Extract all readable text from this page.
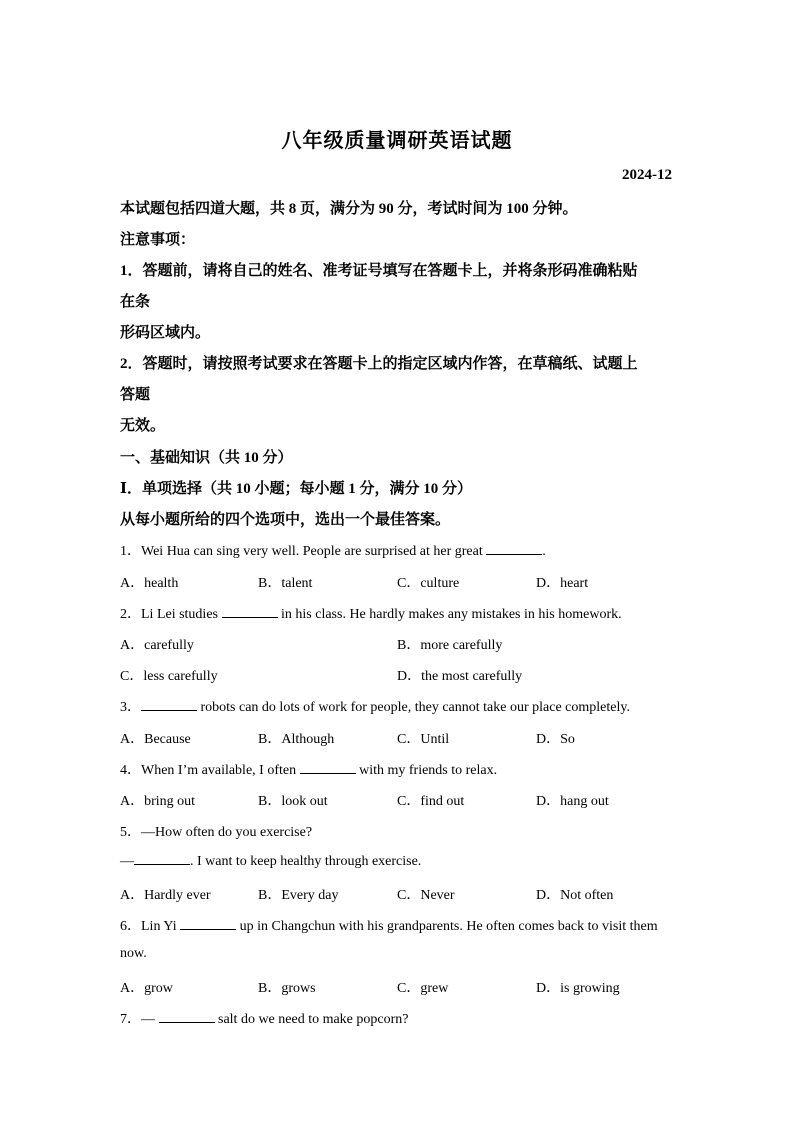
八年级质量调研英语试题
2024-12
本试题包括四道大题，共 8 页，满分为 90 分，考试时间为 100 分钟。
注意事项：
1．答题前，请将自己的姓名、准考证号填写在答题卡上，并将条形码准确粘贴
在条
形码区域内。
2．答题时，请按照考试要求在答题卡上的指定区域内作答，在草稿纸、试题上
答题
无效。
一、基础知识（共 10 分）
Ⅰ．单项选择（共 10 小题；每小题 1 分，满分 10 分）
从每小题所给的四个选项中，选出一个最佳答案。
1．Wei Hua can sing very well. People are surprised at her great	.
A．health	B．talent	C．culture	D．heart
2．Li Lei studies	in his class. He hardly makes any mistakes in his homework.
A．carefully	B．more carefully
C．less carefully	D．the most carefully
3．	robots can do lots of work for people, they cannot take our place completely.
A．Because	B．Although	C．Until	D．So
4．When I’m available, I often	with my friends to relax.
A．bring out	B．look out	C．find out	D．hang out
5．—How often do you exercise?
—	. I want to keep healthy through exercise.
A．Hardly ever	B．Every day	C．Never	D．Not often
6．Lin Yi	up in Changchun with his grandparents. He often comes back to visit them
now.
A．grow	B．grows	C．grew	D．is growing
7．—	salt do we need to make popcorn?
